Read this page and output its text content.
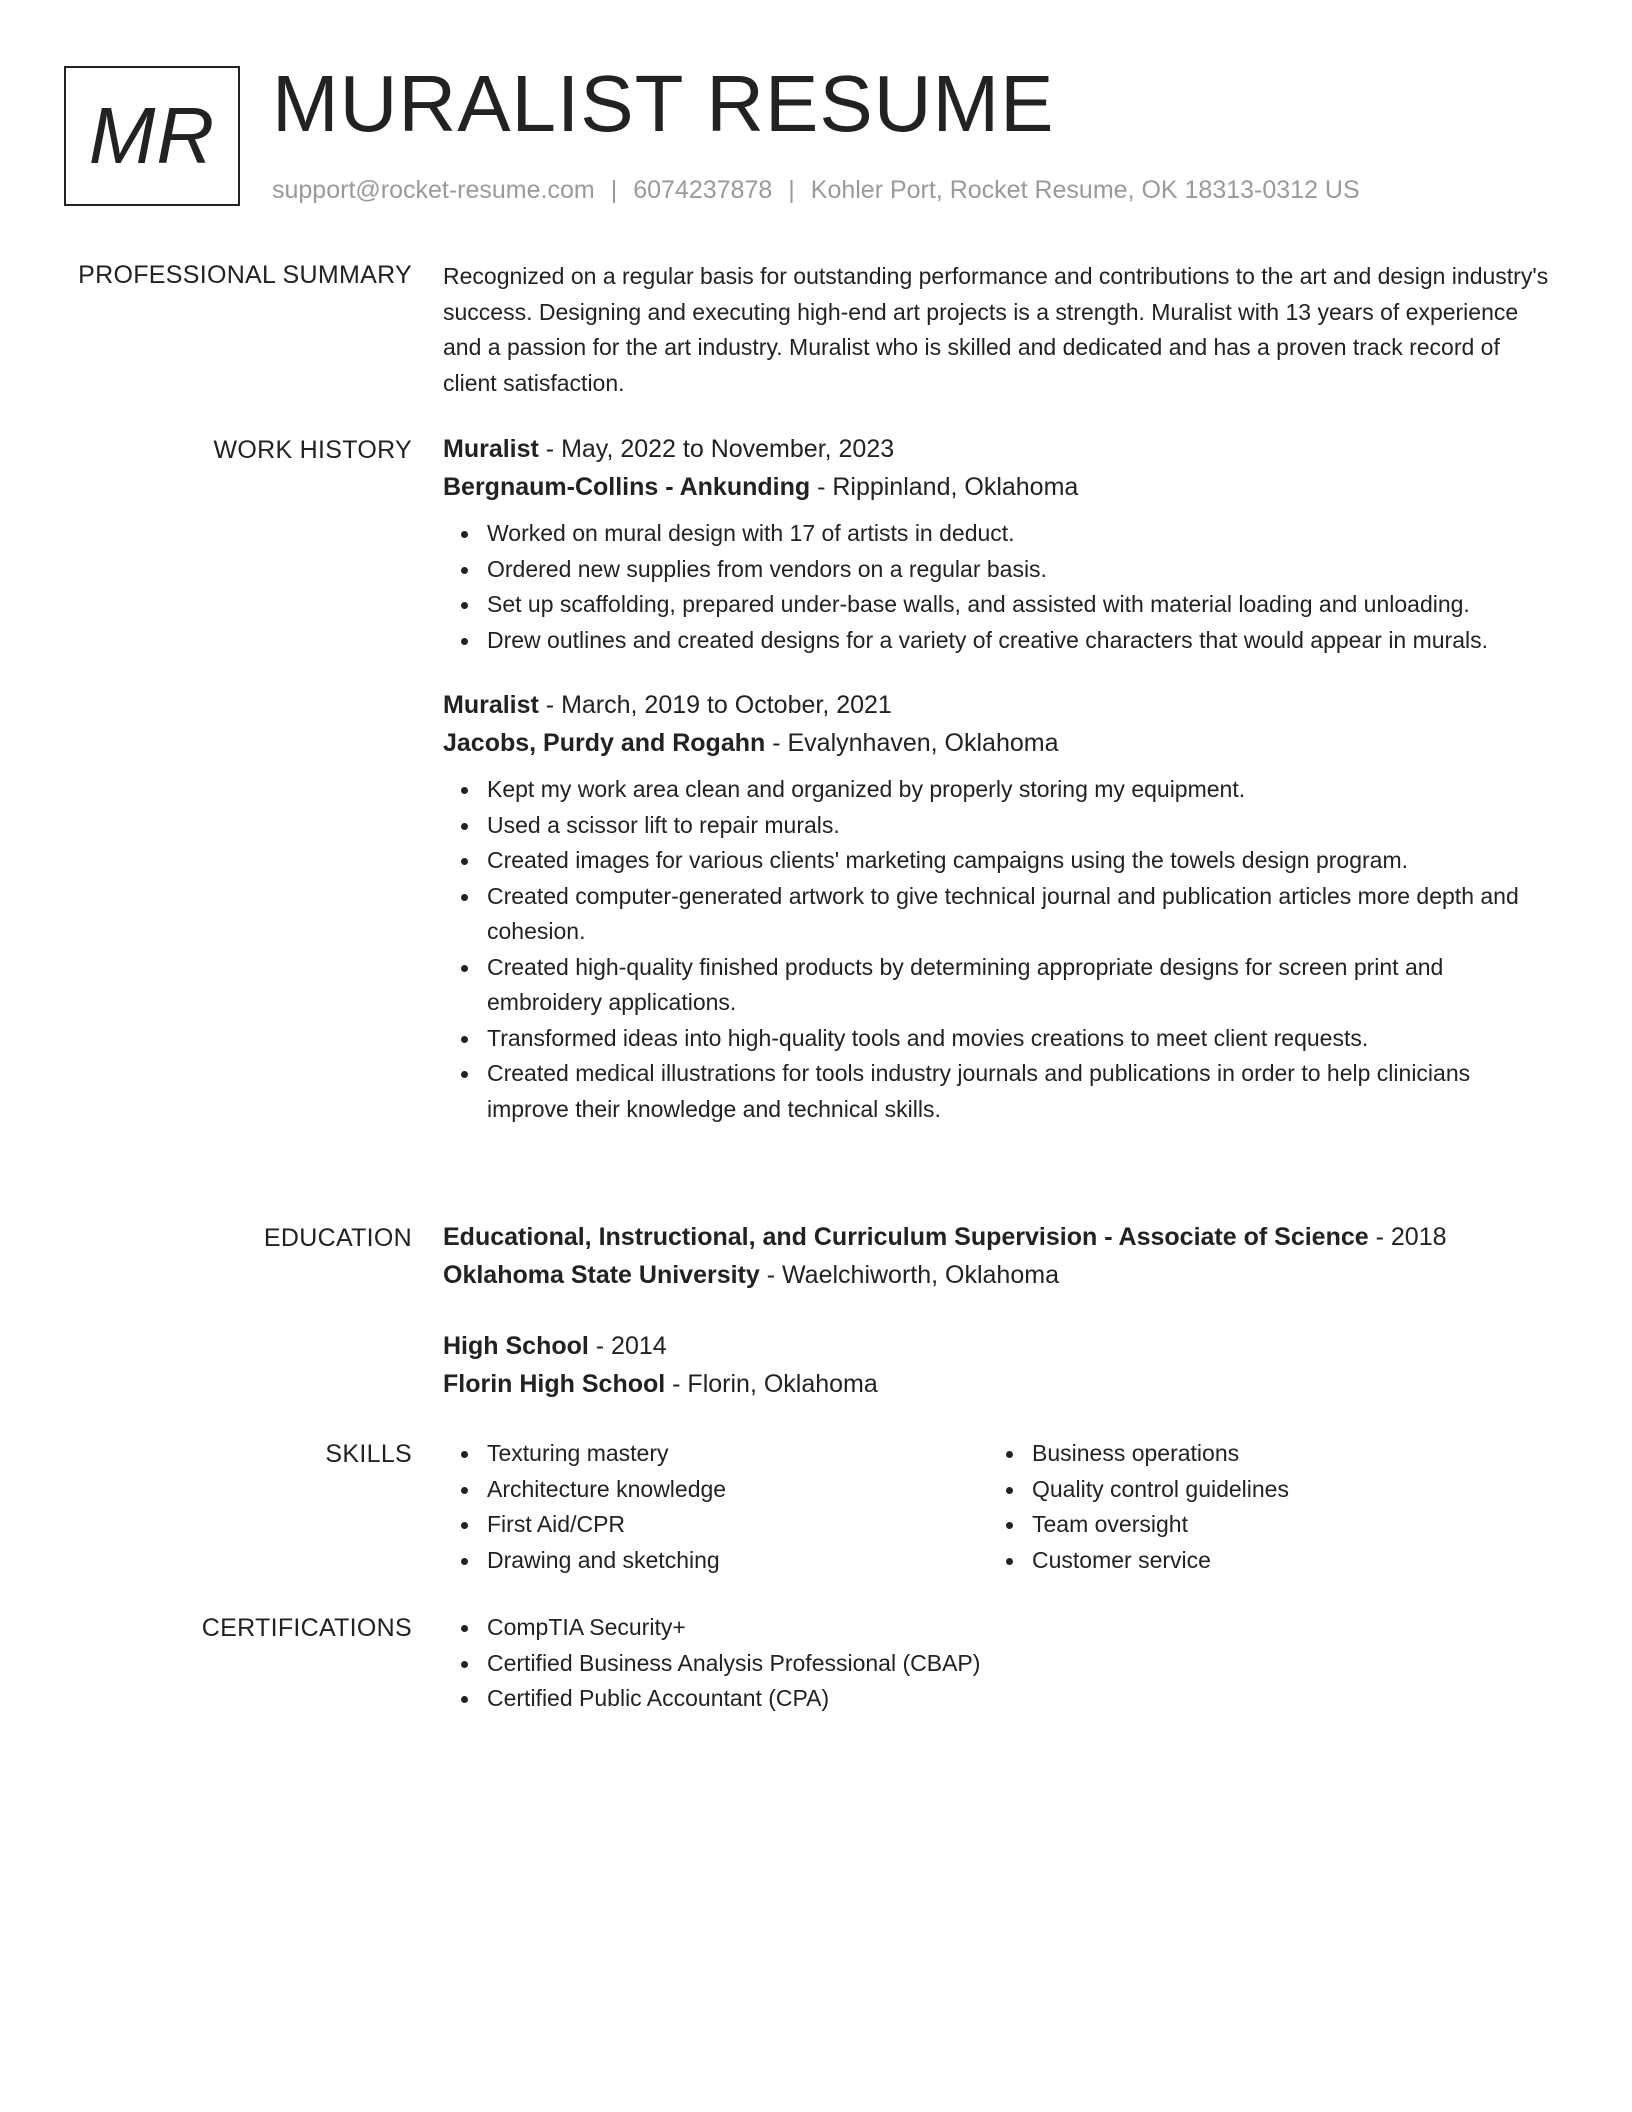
MR MURALIST RESUME
support@rocket-resume.com | 6074237878 | Kohler Port, Rocket Resume, OK 18313-0312 US
PROFESSIONAL SUMMARY Recognized on a regular basis for outstanding performance and contributions to the art and design industry's success. Designing and executing high-end art projects is a strength. Muralist with 13 years of experience and a passion for the art industry. Muralist who is skilled and dedicated and has a proven track record of client satisfaction.

WORK HISTORY Muralist - May, 2022 to November, 2023

Bergnaum-Collins - Ankunding - Rippinland, Oklahoma

Worked on mural design with 17 of artists in deduct.
Ordered new supplies from vendors on a regular basis.
Set up scaffolding, prepared under-base walls, and assisted with material loading and unloading.
Drew outlines and created designs for a variety of creative characters that would appear in murals.

Muralist - March, 2019 to October, 2021

Jacobs, Purdy and Rogahn - Evalynhaven, Oklahoma

Kept my work area clean and organized by properly storing my equipment.
Used a scissor lift to repair murals.
Created images for various clients' marketing campaigns using the towels design program.
Created computer-generated artwork to give technical journal and publication articles more depth and cohesion.
Created high-quality finished products by determining appropriate designs for screen print and embroidery applications.
Transformed ideas into high-quality tools and movies creations to meet client requests.
Created medical illustrations for tools industry journals and publications in order to help clinicians improve their knowledge and technical skills.
EDUCATION Educational, Instructional, and Curriculum Supervision - Associate of Science - 2018

Oklahoma State University - Waelchiworth, Oklahoma

High School - 2014

Florin High School - Florin, Oklahoma

SKILLS	Texturing mastery
Architecture knowledge
First Aid/CPR
Drawing and sketching
Business operations
Quality control guidelines
Team oversight
Customer service
CERTIFICATIONS	CompTIA Security+
Certified Business Analysis Professional (CBAP)
Certified Public Accountant (CPA)
